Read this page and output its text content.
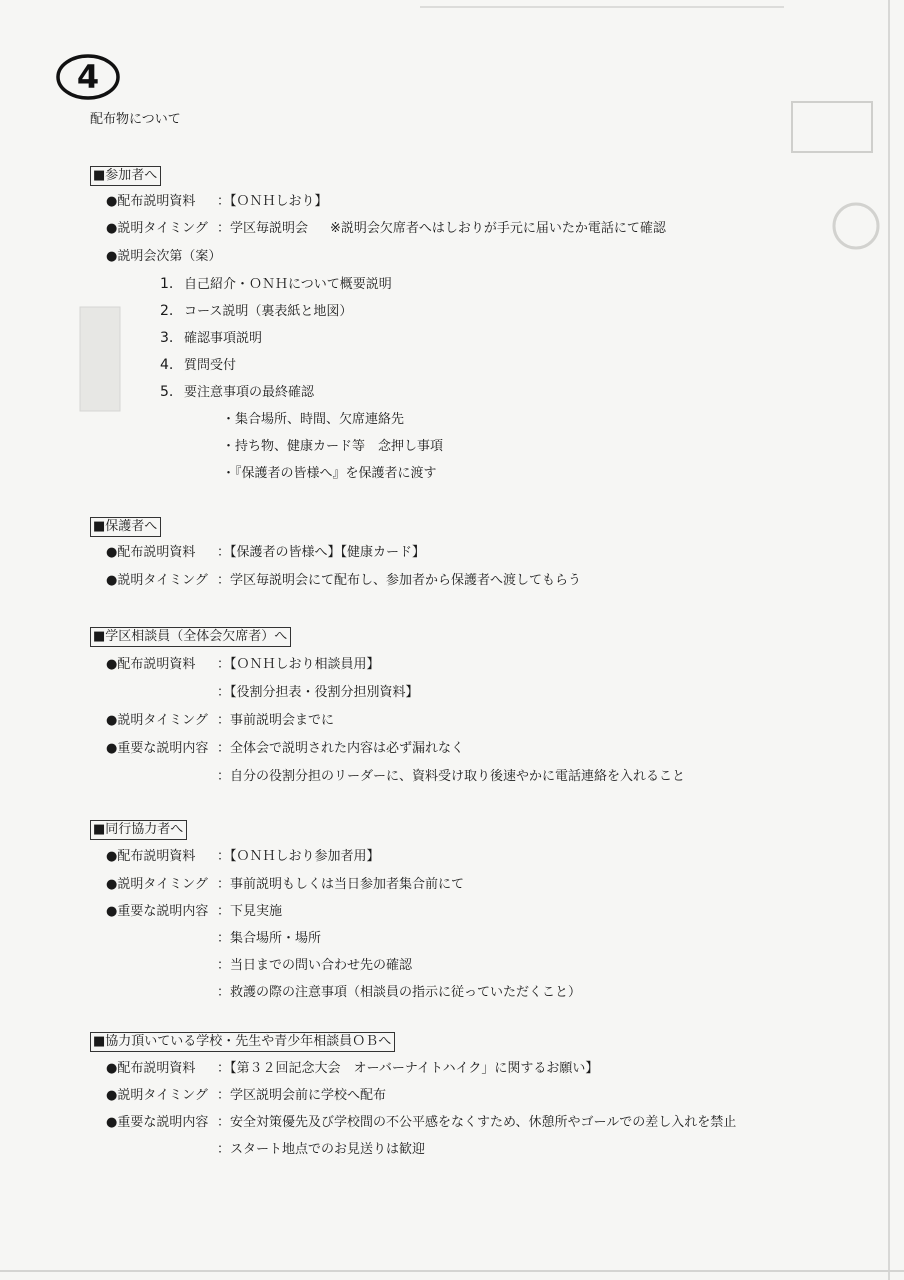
4
配布物について
■参加者へ
●配布説明資料 ：【ＯＮＨしおり】
●説明タイミング ：学区毎説明会 ※説明会欠席者へはしおりが手元に届いたか電話にて確認
●説明会次第（案）
1. 自己紹介・ＯＮＨについて概要説明
2. コース説明（裏表紙と地図）
3. 確認事項説明
4. 質問受付
5. 要注意事項の最終確認
・集合場所、時間、欠席連絡先
・持ち物、健康カード等　念押し事項
・『保護者の皆様へ』を保護者に渡す
■保護者へ
●配布説明資料 ：【保護者の皆様へ】【健康カード】
●説明タイミング ：学区毎説明会にて配布し、参加者から保護者へ渡してもらう
■学区相談員（全体会欠席者）へ
●配布説明資料 ：【ＯＮＨしおり相談員用】
：【役割分担表・役割分担別資料】
●説明タイミング ：事前説明会までに
●重要な説明内容 ：全体会で説明された内容は必ず漏れなく
：自分の役割分担のリーダーに、資料受け取り後速やかに電話連絡を入れること
■同行協力者へ
●配布説明資料 ：【ＯＮＨしおり参加者用】
●説明タイミング ：事前説明もしくは当日参加者集合前にて
●重要な説明内容 ：下見実施
：集合場所・場所
：当日までの問い合わせ先の確認
：救護の際の注意事項（相談員の指示に従っていただくこと）
■協力頂いている学校・先生や青少年相談員ＯＢへ
●配布説明資料 ：【第３２回記念大会　オーバーナイトハイク」に関するお願い】
●説明タイミング ：学区説明会前に学校へ配布
●重要な説明内容 ：安全対策優先及び学校間の不公平感をなくすため、休憩所やゴールでの差し入れを禁止
：スタート地点でのお見送りは歓迎
